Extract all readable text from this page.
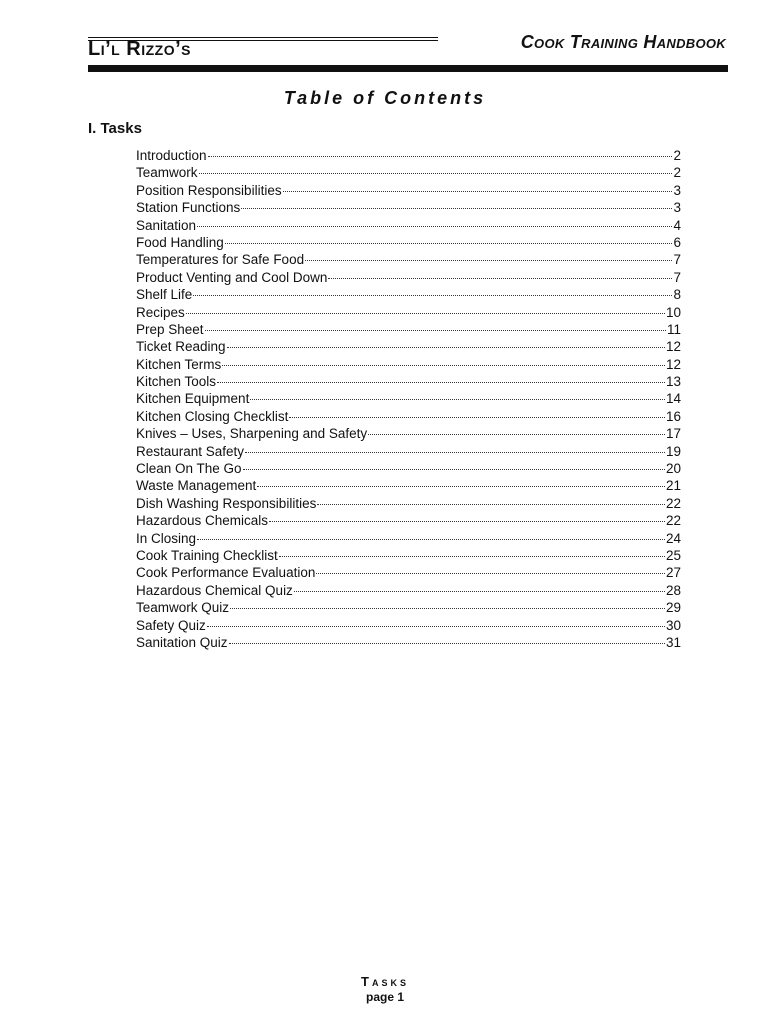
Li’l Rizzo’s	Cook Training Handbook
Table of Contents
I. Tasks
Introduction	2
Teamwork	2
Position Responsibilities	3
Station Functions	3
Sanitation	4
Food Handling	6
Temperatures for Safe Food	7
Product Venting and Cool Down	7
Shelf Life	8
Recipes	10
Prep Sheet	11
Ticket Reading	12
Kitchen Terms	12
Kitchen Tools	13
Kitchen Equipment	14
Kitchen Closing Checklist	16
Knives – Uses, Sharpening and Safety	17
Restaurant Safety	19
Clean On The Go	20
Waste Management	21
Dish Washing Responsibilities	22
Hazardous Chemicals	22
In Closing	24
Cook Training Checklist	25
Cook Performance Evaluation	27
Hazardous Chemical Quiz	28
Teamwork Quiz	29
Safety Quiz	30
Sanitation Quiz	31
Tasks
page 1
